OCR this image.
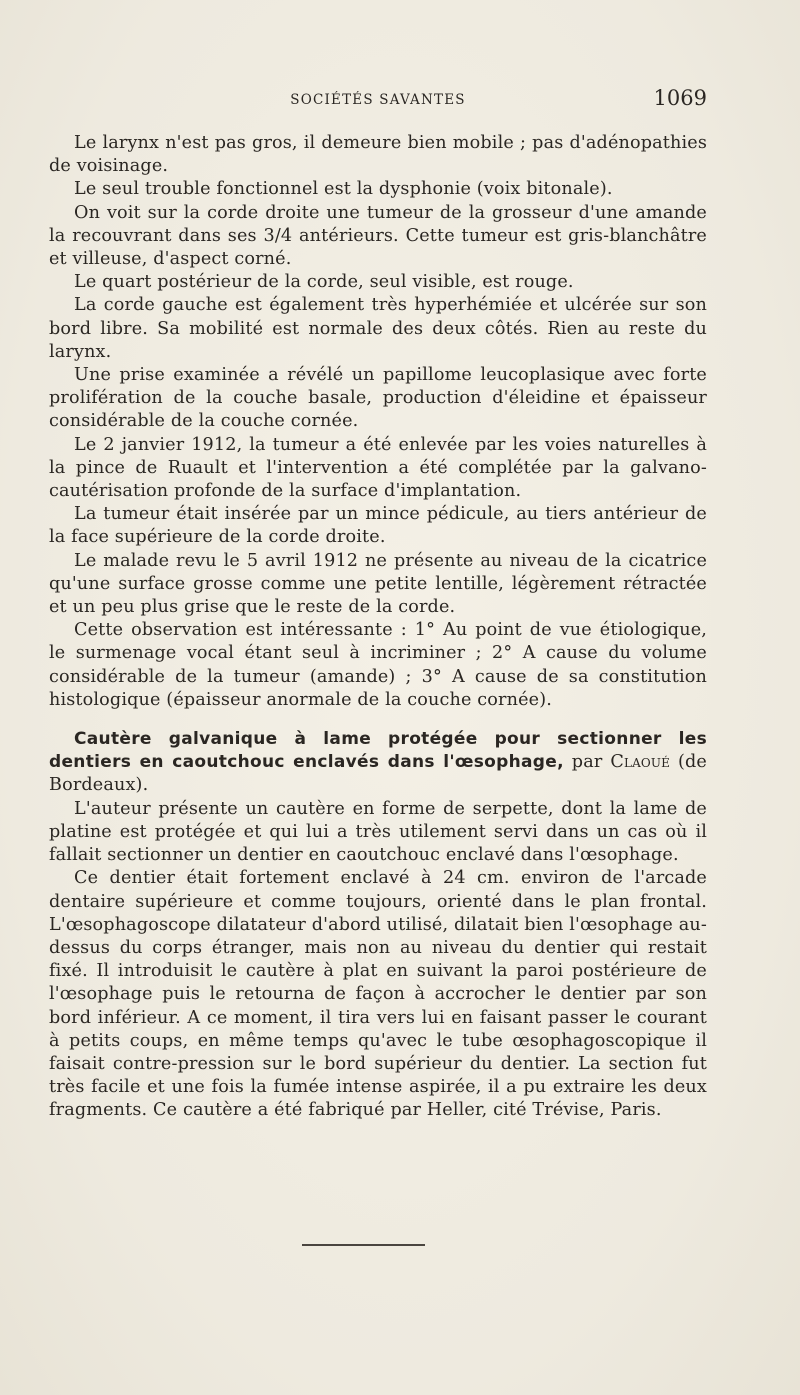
SOCIÉTÉS SAVANTES	1069

Le larynx n'est pas gros, il demeure bien mobile ; pas d'adénopathies de voisinage.

Le seul trouble fonctionnel est la dysphonie (voix bitonale).

On voit sur la corde droite une tumeur de la grosseur d'une amande la recouvrant dans ses 3/4 antérieurs. Cette tumeur est gris-blanchâtre et villeuse, d'aspect corné.

Le quart postérieur de la corde, seul visible, est rouge.

La corde gauche est également très hyperhémiée et ulcérée sur son bord libre. Sa mobilité est normale des deux côtés. Rien au reste du larynx.

Une prise examinée a révélé un papillome leucoplasique avec forte prolifération de la couche basale, production d'éleidine et épaisseur considérable de la couche cornée.

Le 2 janvier 1912, la tumeur a été enlevée par les voies naturelles à la pince de Ruault et l'intervention a été complétée par la galvano-cautérisation profonde de la surface d'implantation.

La tumeur était insérée par un mince pédicule, au tiers antérieur de la face supérieure de la corde droite.

Le malade revu le 5 avril 1912 ne présente au niveau de la cicatrice qu'une surface grosse comme une petite lentille, légèrement rétractée et un peu plus grise que le reste de la corde.

Cette observation est intéressante : 1° Au point de vue étiologique, le surmenage vocal étant seul à incriminer ; 2° A cause du volume considérable de la tumeur (amande) ; 3° A cause de sa constitution histologique (épaisseur anormale de la couche cornée).

Cautère galvanique à lame protégée pour sectionner les dentiers en caoutchouc enclavés dans l'œsophage, par Claoué (de Bordeaux).

L'auteur présente un cautère en forme de serpette, dont la lame de platine est protégée et qui lui a très utilement servi dans un cas où il fallait sectionner un dentier en caoutchouc enclavé dans l'œsophage.

Ce dentier était fortement enclavé à 24 cm. environ de l'arcade dentaire supérieure et comme toujours, orienté dans le plan frontal. L'œsophagoscope dilatateur d'abord utilisé, dilatait bien l'œsophage au-dessus du corps étranger, mais non au niveau du dentier qui restait fixé. Il introduisit le cautère à plat en suivant la paroi postérieure de l'œsophage puis le retourna de façon à accrocher le dentier par son bord inférieur. A ce moment, il tira vers lui en faisant passer le courant à petits coups, en même temps qu'avec le tube œsophagoscopique il faisait contre-pression sur le bord supérieur du dentier. La section fut très facile et une fois la fumée intense aspirée, il a pu extraire les deux fragments. Ce cautère a été fabriqué par Heller, cité Trévise, Paris.
